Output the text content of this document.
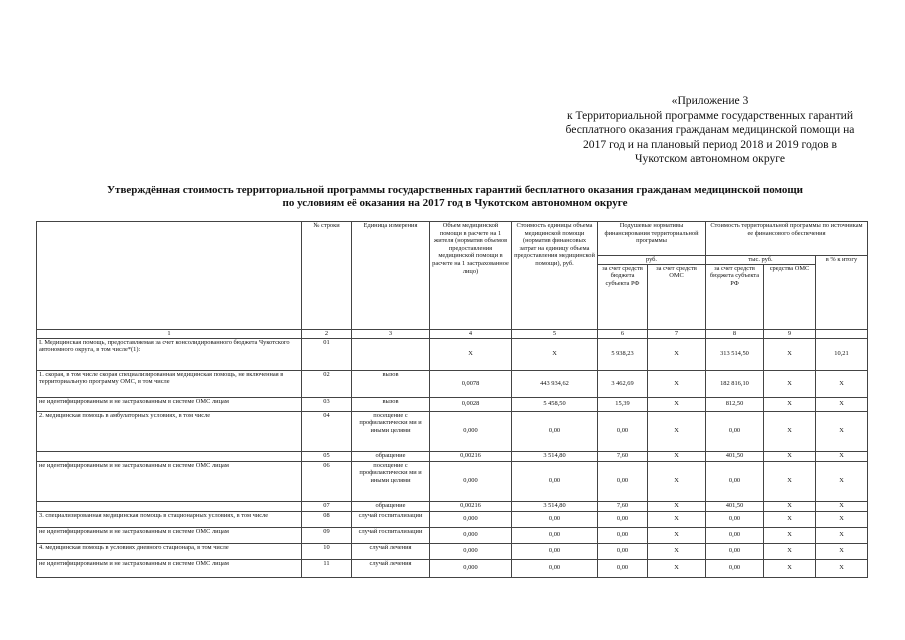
«Приложение 3
к Территориальной программе государственных гарантий
бесплатного оказания гражданам медицинской помощи на
2017 год и на плановый период 2018 и 2019 годов в
Чукотском автономном округе
Утверждённая стоимость территориальной программы государственных гарантий бесплатного оказания гражданам медицинской помощи
по условиям её оказания на 2017 год в Чукотском автономном округе
	№ строки	Единица измерения	Объем медицинской помощи в расчете на 1 жителя (норматив объемов предоставления медицинской помощи в расчете на 1 застрахованное лицо)	Стоимость единицы объема медицинской помощи (норматив финансовых затрат на единицу объема предоставления медицинской помощи), руб.	Подушевые нормативы финансирования территориальной программы		Стоимость территориальной программы по источникам ее финансового обеспечения		
					руб.		тыс. руб.		в % к итогу
					за счет средств бюджета субъекта РФ	за счет средств ОМС	за счет средств бюджета субъекта РФ	средства ОМС	
1	2	3	4	5	6	7	8	9	
I. Медицинская помощь, предоставляемая за счет консолидированного бюджета Чукотского автономного округа, в том числе*(1):	01		X	X	5 938,23	X	313 514,50	X	10,21
1. скорая, в том числе скорая специализированная медицинская помощь, не включенная в территориальную программу ОМС, в том числе	02	вызов	0,0078	443 934,62	3 462,69	X	182 816,10	X	X
не идентифицированным и не застрахованным в системе ОМС лицам	03	вызов	0,0028	5 458,50	15,39	X	812,50	X	X
2. медицинская помощь в амбулаторных условиях, в том числе	04	посещение с профилактически ми и иными целями	0,000	0,00	0,00	X	0,00	X	X
	05	обращение	0,00216	3 514,80	7,60	X	401,50	X	X
не идентифицированным и не застрахованным в системе ОМС лицам	06	посещение с профилактически ми и иными целями	0,000	0,00	0,00	X	0,00	X	X
	07	обращение	0,00216	3 514,80	7,60	X	401,50	X	X
3. специализированная медицинская помощь в стационарных условиях, в том числе	08	случай госпитализации	0,000	0,00	0,00	X	0,00	X	X
не идентифицированным и не застрахованным в системе ОМС лицам	09	случай госпитализации	0,000	0,00	0,00	X	0,00	X	X
4. медицинская помощь в условиях дневного стационара, в том числе	10	случай лечения	0,000	0,00	0,00	X	0,00	X	X
не идентифицированным и не застрахованным в системе ОМС лицам	11	случай лечения	0,000	0,00	0,00	X	0,00	X	X
